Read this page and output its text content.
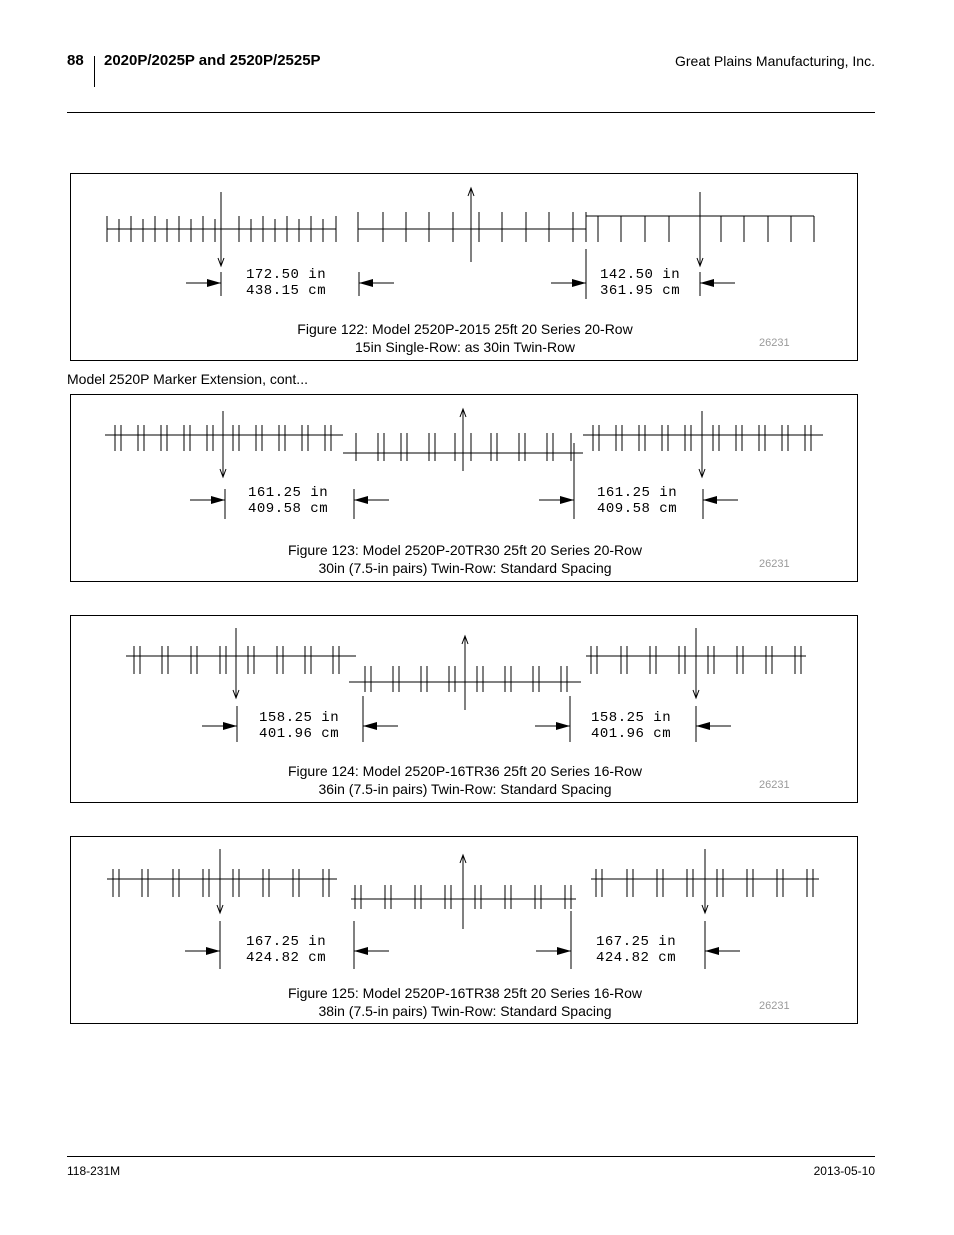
88 2020P/2025P and 2520P/2525P	Great Plains Manufacturing, Inc.
172.50 in
438.15 cm
142.50 in
361.95 cm
Figure 122: Model 2520P-2015 25ft 20 Series 20-Row
15in Single-Row: as 30in Twin-Row	26231
Model 2520P Marker Extension, cont...
161.25 in
409.58 cm
161.25 in
409.58 cm
Figure 123: Model 2520P-20TR30 25ft 20 Series 20-Row
30in (7.5-in pairs) Twin-Row: Standard Spacing	26231
158.25 in
401.96 cm
158.25 in
401.96 cm
Figure 124: Model 2520P-16TR36 25ft 20 Series 16-Row
36in (7.5-in pairs) Twin-Row: Standard Spacing	26231
167.25 in
424.82 cm
167.25 in
424.82 cm
Figure 125: Model 2520P-16TR38 25ft 20 Series 16-Row
38in (7.5-in pairs) Twin-Row: Standard Spacing	26231
118-231M	2013-05-10
